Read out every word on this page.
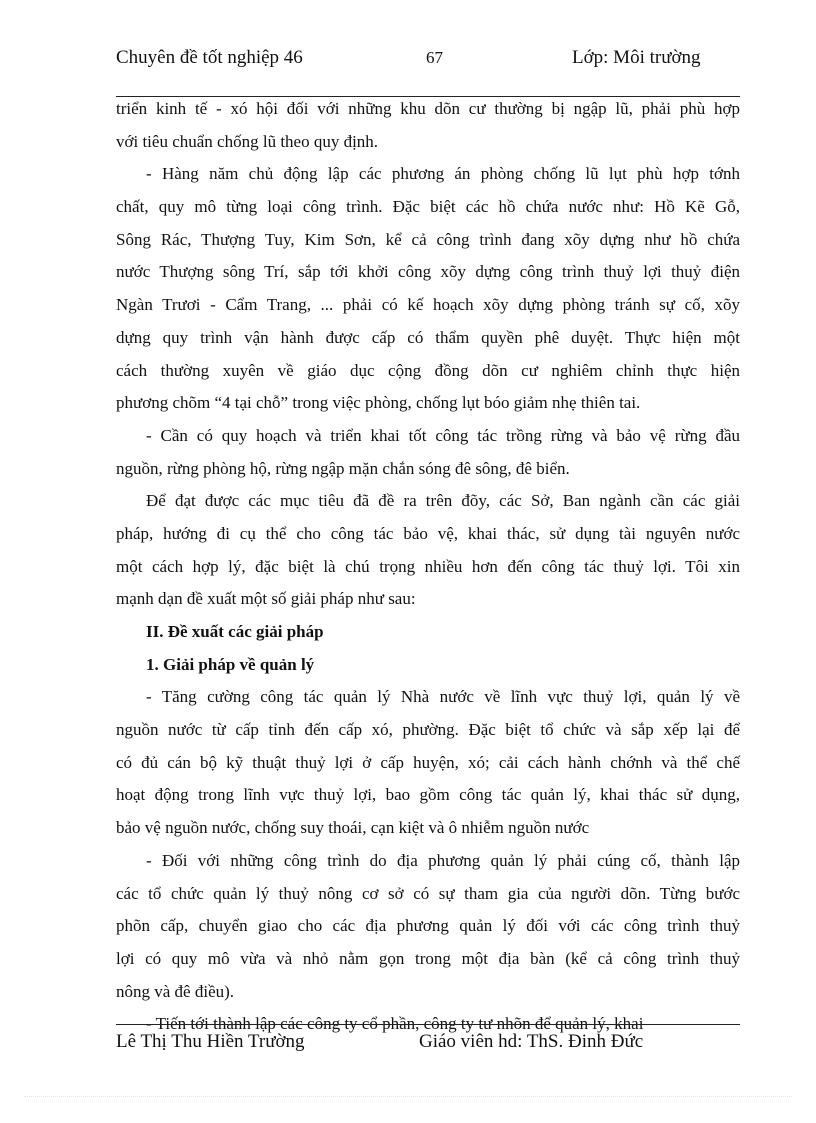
Chuyên đề tốt nghiệp 46	67	Lớp: Môi trường
triển kinh tế - xó hội đối với những khu dõn cư thường bị ngập lũ, phải phù hợp
với tiêu chuẩn chống lũ theo quy định.
- Hàng năm chủ động lập các phương án phòng chống lũ lụt phù hợp tớnh
chất, quy mô từng loại công trình. Đặc biệt các hồ chứa nước như: Hồ Kẽ Gỗ,
Sông Rác, Thượng Tuy, Kim Sơn, kể cả công trình đang xõy dựng như hồ chứa
nước Thượng sông Trí, sắp tới khởi công xõy dựng công trình thuỷ lợi thuỷ điện
Ngàn Trươi - Cẩm Trang, ... phải có kế hoạch xõy dựng phòng tránh sự cố, xõy
dựng quy trình vận hành được cấp có thẩm quyền phê duyệt. Thực hiện một
cách thường xuyên về giáo dục cộng đồng dõn cư nghiêm chỉnh thực hiện
phương chõm “4 tại chỗ” trong việc phòng, chống lụt bóo giảm nhẹ thiên tai.
- Cần có quy hoạch và triển khai tốt công tác trồng rừng và bảo vệ rừng đầu
nguồn, rừng phòng hộ, rừng ngập mặn chắn sóng đê sông, đê biển.
Để đạt được các mục tiêu đã đề ra trên đõy, các Sở, Ban ngành cần các giải
pháp, hướng đi cụ thể cho công tác bảo vệ, khai thác, sử dụng tài nguyên nước
một cách hợp lý, đặc biệt là chú trọng nhiều hơn đến công tác thuỷ lợi. Tôi xin
mạnh dạn đề xuất một số giải pháp như sau:
II. Đề xuất các giải pháp
1. Giải pháp về quản lý
- Tăng cường công tác quản lý Nhà nước về lĩnh vực thuỷ lợi, quản lý về
nguồn nước từ cấp tỉnh đến cấp xó, phường. Đặc biệt tổ chức và sắp xếp lại để
có đủ cán bộ kỹ thuật thuỷ lợi ở cấp huyện, xó; cải cách hành chớnh và thể chế
hoạt động trong lĩnh vực thuỷ lợi, bao gồm công tác quản lý, khai thác sử dụng,
bảo vệ nguồn nước, chống suy thoái, cạn kiệt và ô nhiễm nguồn nước
- Đối với những công trình do địa phương quản lý phải cúng cố, thành lập
các tổ chức quản lý thuỷ nông cơ sở có sự tham gia của người dõn. Từng bước
phõn cấp, chuyển giao cho các địa phương quản lý đối với các công trình thuỷ
lợi có quy mô vừa và nhỏ nằm gọn trong một địa bàn (kể cả công trình thuỷ
nông và đê điều).
- Tiến tới thành lập các công ty cổ phần, công ty tư nhõn để quản lý, khai
Lê Thị Thu Hiền Trường	Giáo viên hd: ThS. Đinh Đức
